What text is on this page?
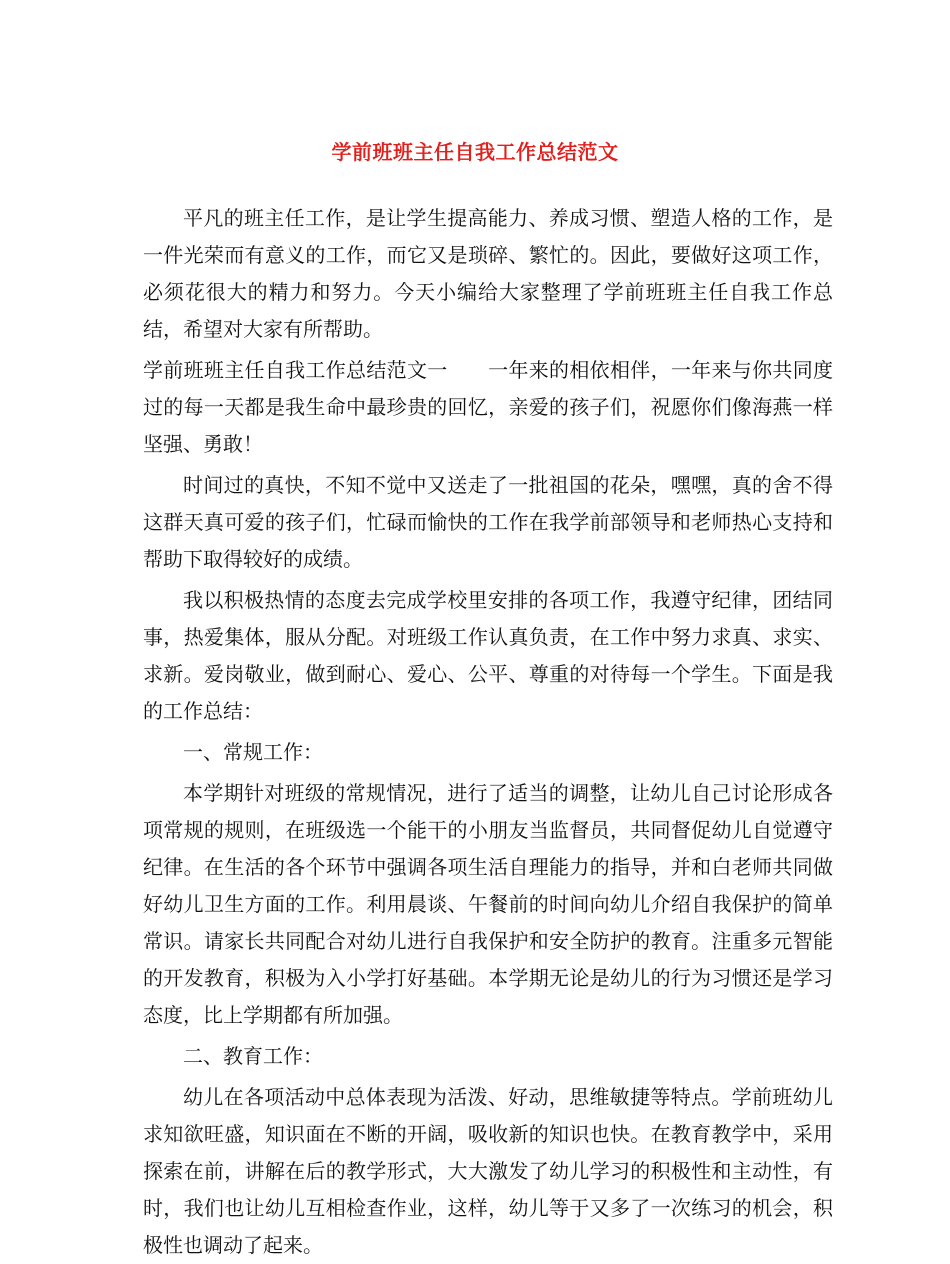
学前班班主任自我工作总结范文

平凡的班主任工作，是让学生提高能力、养成习惯、塑造人格的工作，是一件光荣而有意义的工作，而它又是琐碎、繁忙的。因此，要做好这项工作，必须花很大的精力和努力。今天小编给大家整理了学前班班主任自我工作总结，希望对大家有所帮助。

学前班班主任自我工作总结范文一　　一年来的相依相伴，一年来与你共同度过的每一天都是我生命中最珍贵的回忆，亲爱的孩子们，祝愿你们像海燕一样坚强、勇敢！

时间过的真快，不知不觉中又送走了一批祖国的花朵，嘿嘿，真的舍不得这群天真可爱的孩子们，忙碌而愉快的工作在我学前部领导和老师热心支持和帮助下取得较好的成绩。

我以积极热情的态度去完成学校里安排的各项工作，我遵守纪律，团结同事，热爱集体，服从分配。对班级工作认真负责，在工作中努力求真、求实、求新。爱岗敬业，做到耐心、爱心、公平、尊重的对待每一个学生。下面是我的工作总结：

一、常规工作：

本学期针对班级的常规情况，进行了适当的调整，让幼儿自己讨论形成各项常规的规则，在班级选一个能干的小朋友当监督员，共同督促幼儿自觉遵守纪律。在生活的各个环节中强调各项生活自理能力的指导，并和白老师共同做好幼儿卫生方面的工作。利用晨谈、午餐前的时间向幼儿介绍自我保护的简单常识。请家长共同配合对幼儿进行自我保护和安全防护的教育。注重多元智能的开发教育，积极为入小学打好基础。本学期无论是幼儿的行为习惯还是学习态度，比上学期都有所加强。

二、教育工作：

幼儿在各项活动中总体表现为活泼、好动，思维敏捷等特点。学前班幼儿求知欲旺盛，知识面在不断的开阔，吸收新的知识也快。在教育教学中，采用探索在前，讲解在后的教学形式，大大激发了幼儿学习的积极性和主动性，有时，我们也让幼儿互相检查作业，这样，幼儿等于又多了一次练习的机会，积极性也调动了起来。
